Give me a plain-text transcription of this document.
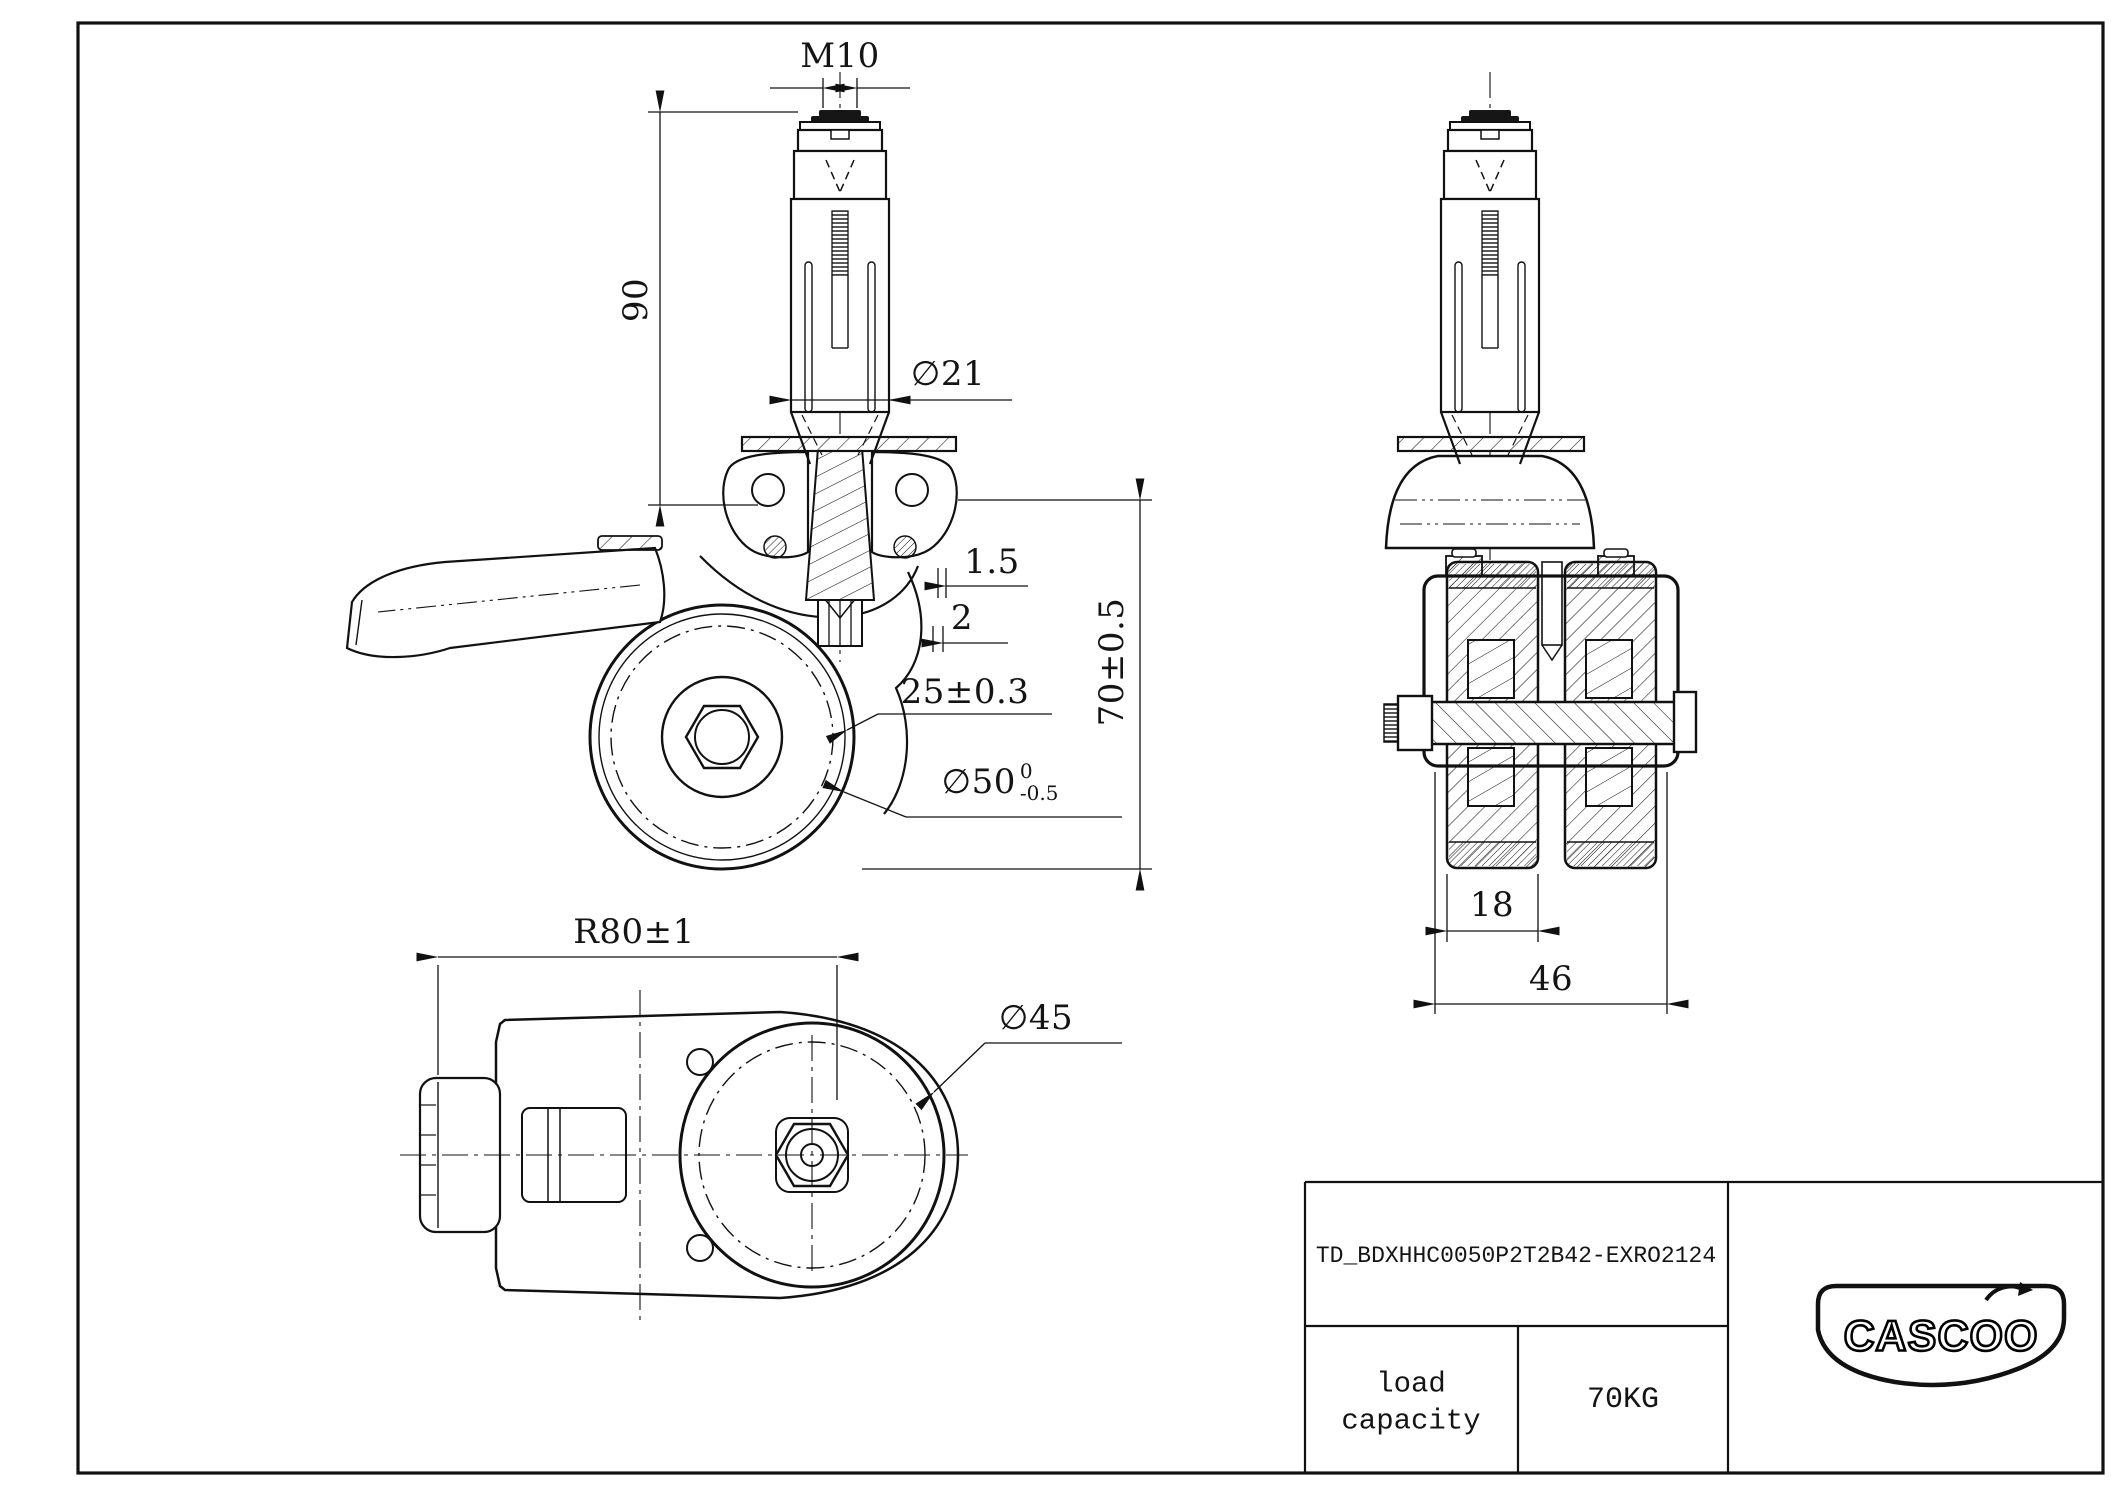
M10
90
∅21
1.5
2
25±0.3 70±0.5
∅50 0
-0.5
18
46
R80±1
∅45
TD_BDXHHC0050P2T2B42-EXRO2124
load
capacity
70KG
CASCOO
